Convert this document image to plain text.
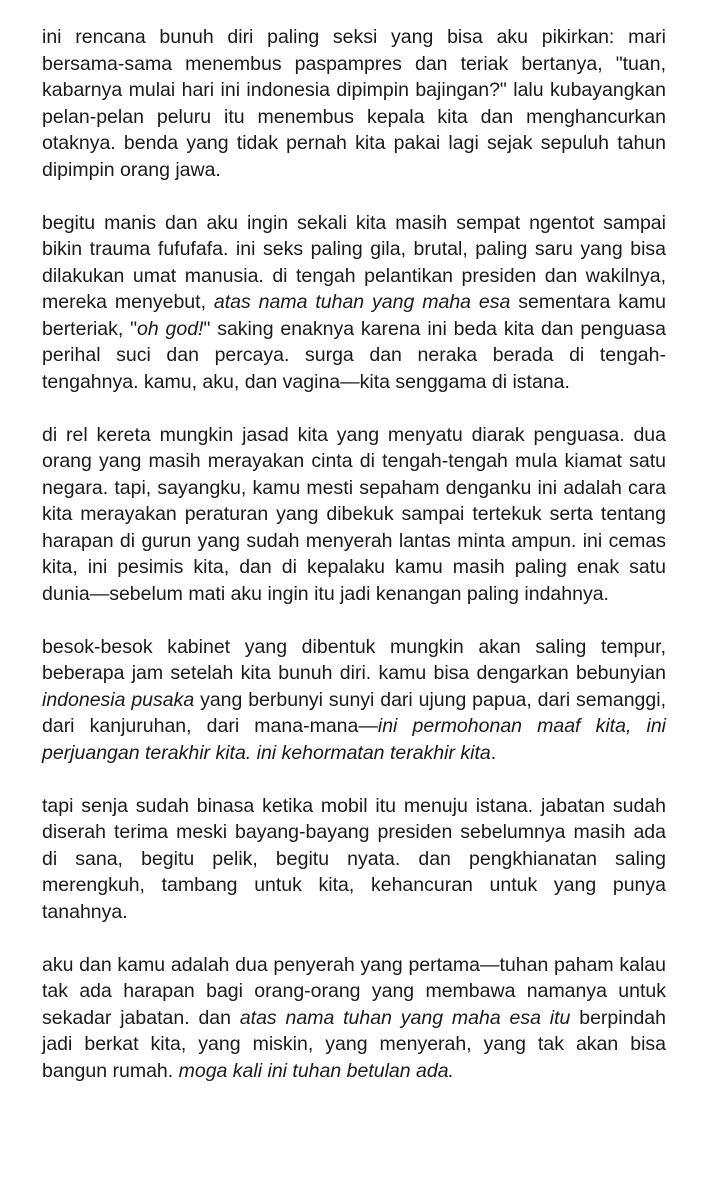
ini rencana bunuh diri paling seksi yang bisa aku pikirkan: mari bersama-sama menembus paspampres dan teriak bertanya, "tuan, kabarnya mulai hari ini indonesia dipimpin bajingan?" lalu kubayangkan pelan-pelan peluru itu menembus kepala kita dan menghancurkan otaknya. benda yang tidak pernah kita pakai lagi sejak sepuluh tahun dipimpin orang jawa.

begitu manis dan aku ingin sekali kita masih sempat ngentot sampai bikin trauma fufufafa. ini seks paling gila, brutal, paling saru yang bisa dilakukan umat manusia. di tengah pelantikan presiden dan wakilnya, mereka menyebut, atas nama tuhan yang maha esa sementara kamu berteriak, "oh god!" saking enaknya karena ini beda kita dan penguasa perihal suci dan percaya. surga dan neraka berada di tengah-tengahnya. kamu, aku, dan vagina—kita senggama di istana.

di rel kereta mungkin jasad kita yang menyatu diarak penguasa. dua orang yang masih merayakan cinta di tengah-tengah mula kiamat satu negara. tapi, sayangku, kamu mesti sepaham denganku ini adalah cara kita merayakan peraturan yang dibekuk sampai tertekuk serta tentang harapan di gurun yang sudah menyerah lantas minta ampun. ini cemas kita, ini pesimis kita, dan di kepalaku kamu masih paling enak satu dunia—sebelum mati aku ingin itu jadi kenangan paling indahnya.

besok-besok kabinet yang dibentuk mungkin akan saling tempur, beberapa jam setelah kita bunuh diri. kamu bisa dengarkan bebunyian indonesia pusaka yang berbunyi sunyi dari ujung papua, dari semanggi, dari kanjuruhan, dari mana-mana—ini permohonan maaf kita, ini perjuangan terakhir kita. ini kehormatan terakhir kita.

tapi senja sudah binasa ketika mobil itu menuju istana. jabatan sudah diserah terima meski bayang-bayang presiden sebelumnya masih ada di sana, begitu pelik, begitu nyata. dan pengkhianatan saling merengkuh, tambang untuk kita, kehancuran untuk yang punya tanahnya.

aku dan kamu adalah dua penyerah yang pertama—tuhan paham kalau tak ada harapan bagi orang-orang yang membawa namanya untuk sekadar jabatan. dan atas nama tuhan yang maha esa itu berpindah jadi berkat kita, yang miskin, yang menyerah, yang tak akan bisa bangun rumah. moga kali ini tuhan betulan ada.
